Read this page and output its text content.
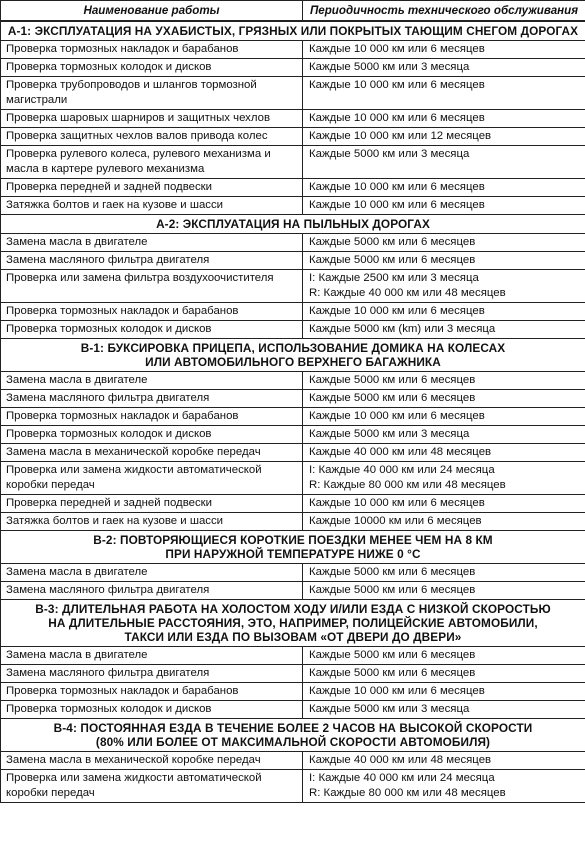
Наименование работы	Периодичность технического обслуживания

А-1: ЭКСПЛУАТАЦИЯ НА УХАБИСТЫХ, ГРЯЗНЫХ ИЛИ ПОКРЫТЫХ ТАЮЩИМ СНЕГОМ ДОРОГАХ	

Проверка тормозных накладок и барабанов	Каждые 10 000 км или 6 месяцев

Проверка тормозных колодок и дисков	Каждые 5000 км или 3 месяца

Проверка трубопроводов и шлангов тормозной магистрали	Каждые 10 000 км или 6 месяцев

Проверка шаровых шарниров и защитных чехлов	Каждые 10 000 км или 6 месяцев

Проверка защитных чехлов валов привода колес	Каждые 10 000 км или 12 месяцев

Проверка рулевого колеса, рулевого механизма и масла в картере рулевого механизма	Каждые 5000 км или 3 месяца

Проверка передней и задней подвески	Каждые 10 000 км или 6 месяцев

Затяжка болтов и гаек на кузове и шасси	Каждые 10 000 км или 6 месяцев

А-2: ЭКСПЛУАТАЦИЯ НА ПЫЛЬНЫХ ДОРОГАХ	

Замена масла в двигателе	Каждые 5000 км или 6 месяцев

Замена масляного фильтра двигателя	Каждые 5000 км или 6 месяцев

Проверка или замена фильтра воздухоочистителя	I: Каждые 2500 км или 3 месяца
R: Каждые 40 000 км или 48 месяцев

Проверка тормозных накладок и барабанов	Каждые 10 000 км или 6 месяцев

Проверка тормозных колодок и дисков	Каждые 5000 км (km) или 3 месяца

В-1: БУКСИРОВКА ПРИЦЕПА, ИСПОЛЬЗОВАНИЕ ДОМИКА НА КОЛЕСАХ
ИЛИ АВТОМОБИЛЬНОГО ВЕРХНЕГО БАГАЖНИКА	

Замена масла в двигателе	Каждые 5000 км или 6 месяцев

Замена масляного фильтра двигателя	Каждые 5000 км или 6 месяцев

Проверка тормозных накладок и барабанов	Каждые 10 000 км или 6 месяцев

Проверка тормозных колодок и дисков	Каждые 5000 км или 3 месяца

Замена масла в механической коробке передач	Каждые 40 000 км или 48 месяцев

Проверка или замена жидкости автоматической коробки передач	I: Каждые 40 000 км или 24 месяца
R: Каждые 80 000 км или 48 месяцев

Проверка передней и задней подвески	Каждые 10 000 км или 6 месяцев

Затяжка болтов и гаек на кузове и шасси	Каждые 10000 км или 6 месяцев

В-2: ПОВТОРЯЮЩИЕСЯ КОРОТКИЕ ПОЕЗДКИ МЕНЕЕ ЧЕМ НА 8 КМ
ПРИ НАРУЖНОЙ ТЕМПЕРАТУРЕ НИЖЕ 0 °С	

Замена масла в двигателе	Каждые 5000 км или 6 месяцев

Замена масляного фильтра двигателя	Каждые 5000 км или 6 месяцев

В-3: ДЛИТЕЛЬНАЯ РАБОТА НА ХОЛОСТОМ ХОДУ И/ИЛИ ЕЗДА С НИЗКОЙ СКОРОСТЬЮ
НА ДЛИТЕЛЬНЫЕ РАССТОЯНИЯ, ЭТО, НАПРИМЕР, ПОЛИЦЕЙСКИЕ АВТОМОБИЛИ,
ТАКСИ ИЛИ ЕЗДА ПО ВЫЗОВАМ «ОТ ДВЕРИ ДО ДВЕРИ»	

Замена масла в двигателе	Каждые 5000 км или 6 месяцев

Замена масляного фильтра двигателя	Каждые 5000 км или 6 месяцев

Проверка тормозных накладок и барабанов	Каждые 10 000 км или 6 месяцев

Проверка тормозных колодок и дисков	Каждые 5000 км или 3 месяца

В-4: ПОСТОЯННАЯ ЕЗДА В ТЕЧЕНИЕ БОЛЕЕ 2 ЧАСОВ НА ВЫСОКОЙ СКОРОСТИ
(80% ИЛИ БОЛЕЕ ОТ МАКСИМАЛЬНОЙ СКОРОСТИ АВТОМОБИЛЯ)	

Замена масла в механической коробке передач	Каждые 40 000 км или 48 месяцев

Проверка или замена жидкости автоматической коробки передач	I: Каждые 40 000 км или 24 месяца
R: Каждые 80 000 км или 48 месяцев
